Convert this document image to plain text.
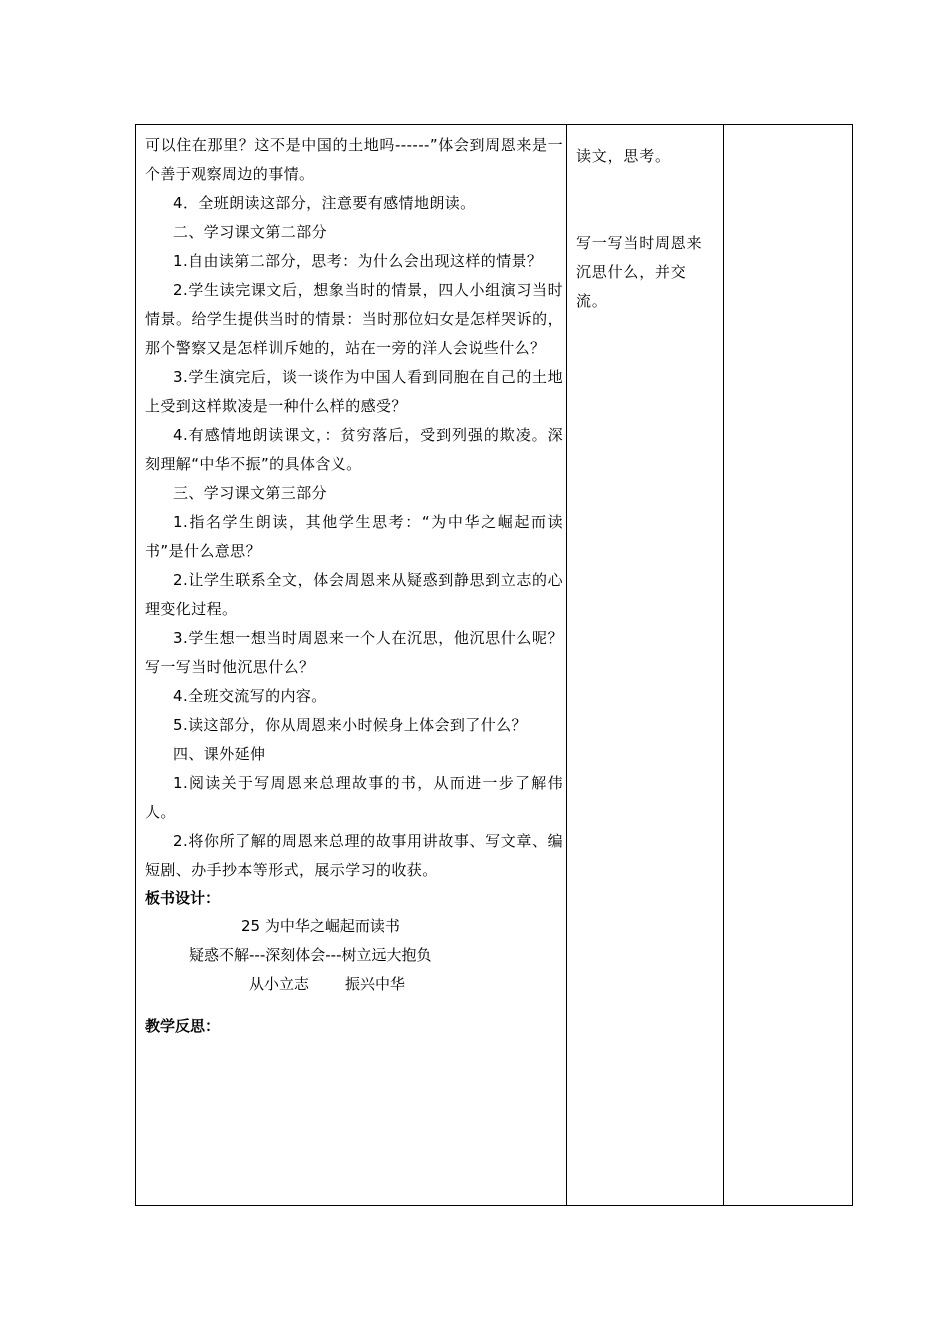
可以住在那里？这不是中国的土地吗------”体会到周恩来是一个善于观察周边的事情。

4．全班朗读这部分，注意要有感情地朗读。

二、学习课文第二部分

1.自由读第二部分，思考：为什么会出现这样的情景？

2.学生读完课文后，想象当时的情景，四人小组演习当时情景。给学生提供当时的情景：当时那位妇女是怎样哭诉的，那个警察又是怎样训斥她的，站在一旁的洋人会说些什么？

3.学生演完后，谈一谈作为中国人看到同胞在自己的土地上受到这样欺凌是一种什么样的感受？

4.有感情地朗读课文，：贫穷落后，受到列强的欺凌。深刻理解“中华不振”的具体含义。

三、学习课文第三部分

1.指名学生朗读，其他学生思考：“为中华之崛起而读书”是什么意思？

2.让学生联系全文，体会周恩来从疑惑到静思到立志的心理变化过程。

3.学生想一想当时周恩来一个人在沉思，他沉思什么呢？写一写当时他沉思什么？

4.全班交流写的内容。

5.读这部分，你从周恩来小时候身上体会到了什么？

四、课外延伸

1.阅读关于写周恩来总理故事的书，从而进一步了解伟人。

2.将你所了解的周恩来总理的故事用讲故事、写文章、编短剧、办手抄本等形式，展示学习的收获。

板书设计：

25 为中华之崛起而读书

疑惑不解---深刻体会---树立远大抱负

从小立志 振兴中华

教学反思：

读文，思考。

写一写当时周恩来沉思什么，并交流。
